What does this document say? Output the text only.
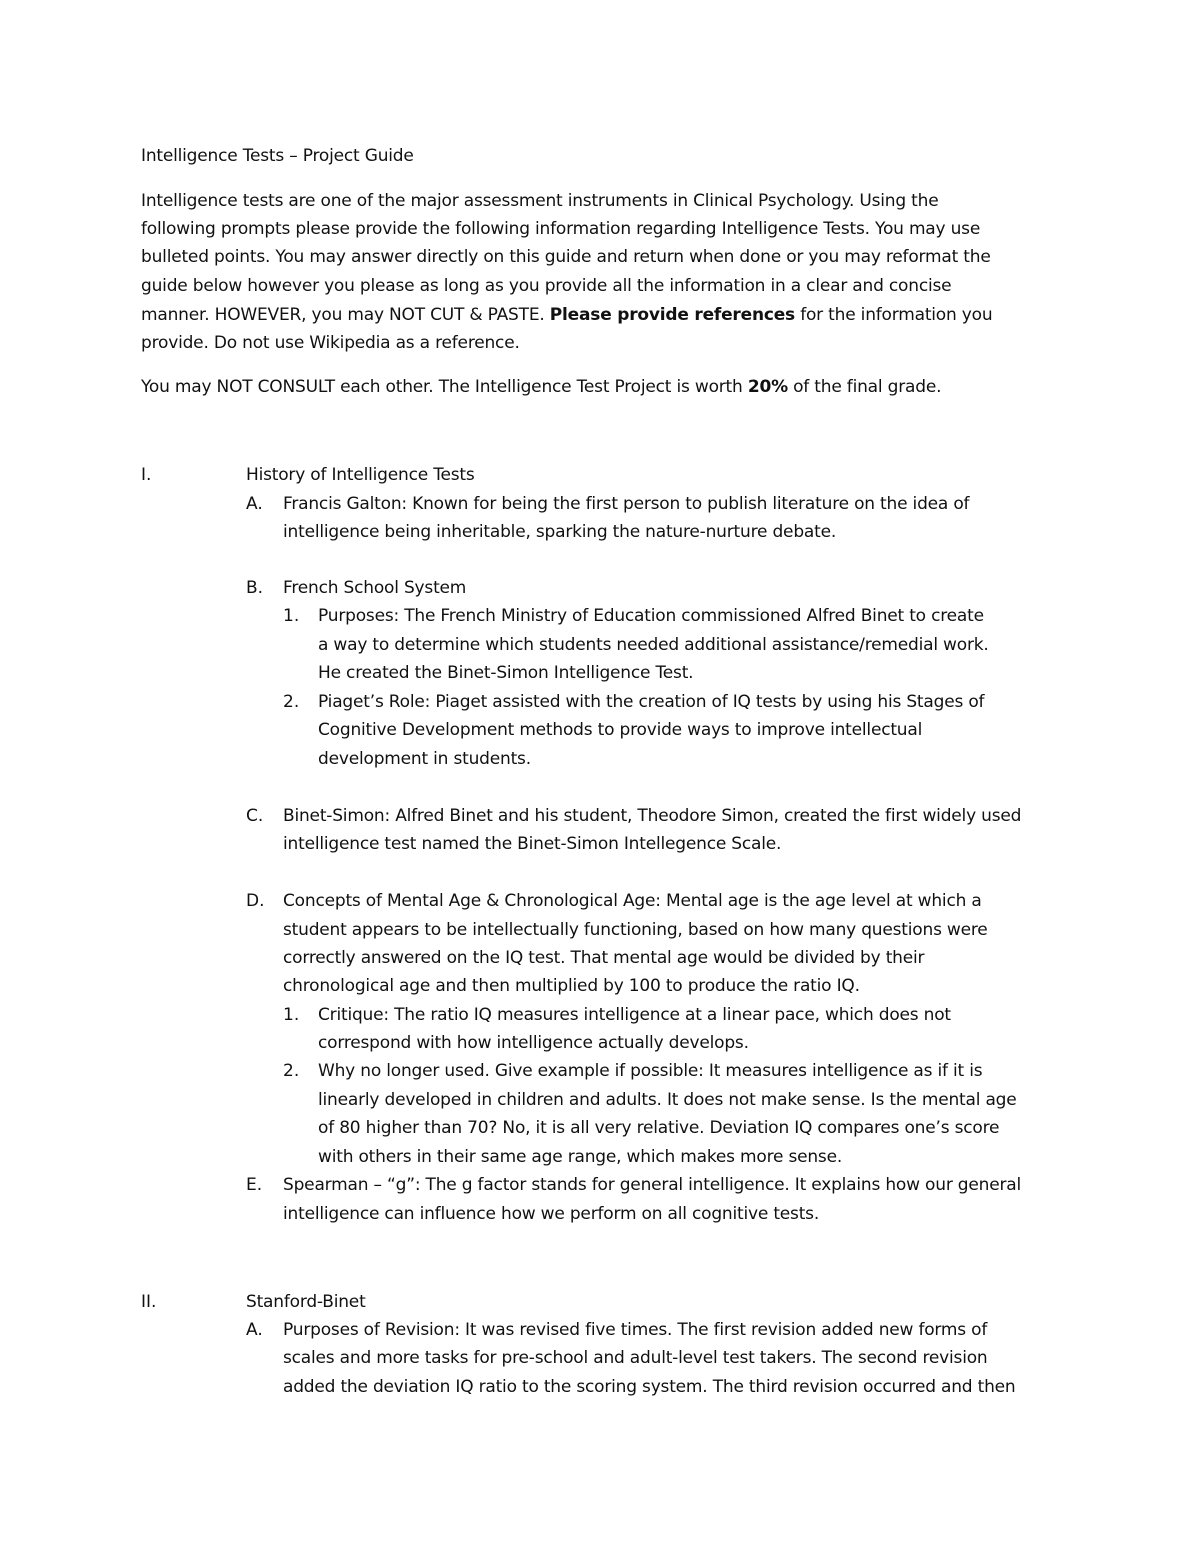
Intelligence Tests – Project Guide
Intelligence tests are one of the major assessment instruments in Clinical Psychology. Using the
following prompts please provide the following information regarding Intelligence Tests. You may use
bulleted points. You may answer directly on this guide and return when done or you may reformat the
guide below however you please as long as you provide all the information in a clear and concise
manner. HOWEVER, you may NOT CUT & PASTE. Please provide references for the information you
provide. Do not use Wikipedia as a reference.
You may NOT CONSULT each other. The Intelligence Test Project is worth 20% of the final grade.
I.	History of Intelligence Tests
A. Francis Galton: Known for being the first person to publish literature on the idea of
intelligence being inheritable, sparking the nature-nurture debate.
B. French School System
1. Purposes: The French Ministry of Education commissioned Alfred Binet to create
a way to determine which students needed additional assistance/remedial work.
He created the Binet-Simon Intelligence Test.
2. Piaget’s Role: Piaget assisted with the creation of IQ tests by using his Stages of
Cognitive Development methods to provide ways to improve intellectual
development in students.
C. Binet-Simon: Alfred Binet and his student, Theodore Simon, created the first widely used
intelligence test named the Binet-Simon Intellegence Scale.
D. Concepts of Mental Age & Chronological Age: Mental age is the age level at which a
student appears to be intellectually functioning, based on how many questions were
correctly answered on the IQ test. That mental age would be divided by their
chronological age and then multiplied by 100 to produce the ratio IQ.
1. Critique: The ratio IQ measures intelligence at a linear pace, which does not
correspond with how intelligence actually develops.
2. Why no longer used. Give example if possible: It measures intelligence as if it is
linearly developed in children and adults. It does not make sense. Is the mental age
of 80 higher than 70? No, it is all very relative. Deviation IQ compares one’s score
with others in their same age range, which makes more sense.
E. Spearman – “g”: The g factor stands for general intelligence. It explains how our general
intelligence can influence how we perform on all cognitive tests.
II.	Stanford-Binet
A. Purposes of Revision: It was revised five times. The first revision added new forms of
scales and more tasks for pre-school and adult-level test takers. The second revision
added the deviation IQ ratio to the scoring system. The third revision occurred and then
